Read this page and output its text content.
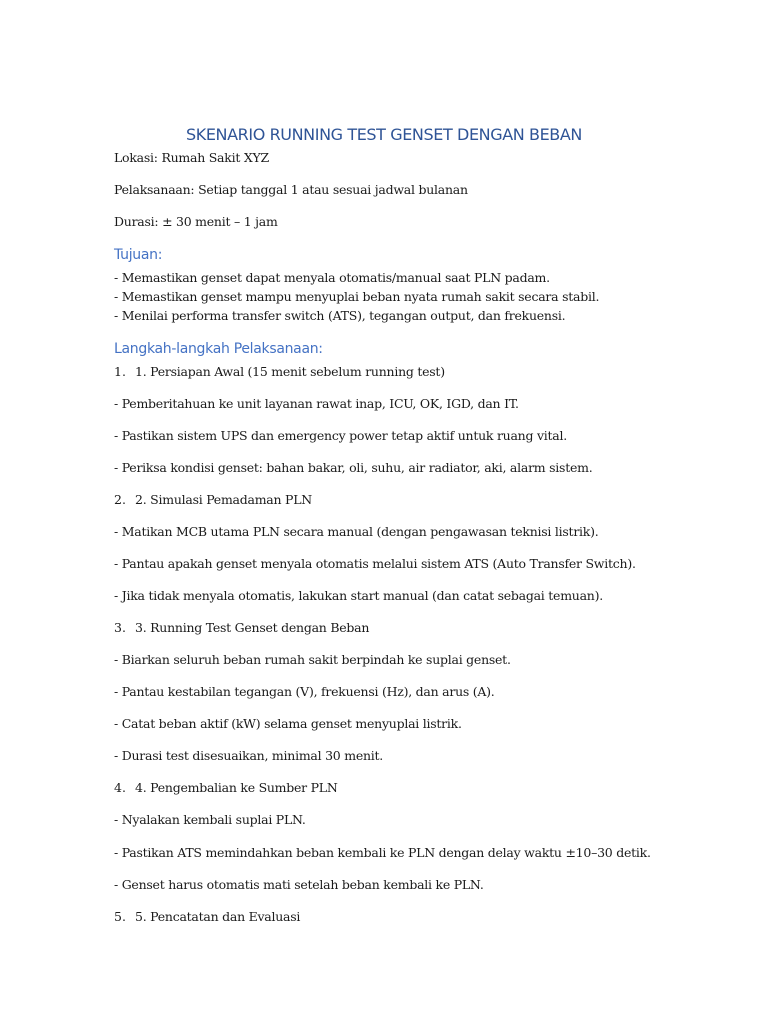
SKENARIO RUNNING TEST GENSET DENGAN BEBAN
Lokasi: Rumah Sakit XYZ
Pelaksanaan: Setiap tanggal 1 atau sesuai jadwal bulanan
Durasi: ± 30 menit – 1 jam
Tujuan:
- Memastikan genset dapat menyala otomatis/manual saat PLN padam.
- Memastikan genset mampu menyuplai beban nyata rumah sakit secara stabil.
- Menilai performa transfer switch (ATS), tegangan output, dan frekuensi.
Langkah-langkah Pelaksanaan:
1. 1. Persiapan Awal (15 menit sebelum running test)
- Pemberitahuan ke unit layanan rawat inap, ICU, OK, IGD, dan IT.
- Pastikan sistem UPS dan emergency power tetap aktif untuk ruang vital.
- Periksa kondisi genset: bahan bakar, oli, suhu, air radiator, aki, alarm sistem.
2. 2. Simulasi Pemadaman PLN
- Matikan MCB utama PLN secara manual (dengan pengawasan teknisi listrik).
- Pantau apakah genset menyala otomatis melalui sistem ATS (Auto Transfer Switch).
- Jika tidak menyala otomatis, lakukan start manual (dan catat sebagai temuan).
3. 3. Running Test Genset dengan Beban
- Biarkan seluruh beban rumah sakit berpindah ke suplai genset.
- Pantau kestabilan tegangan (V), frekuensi (Hz), dan arus (A).
- Catat beban aktif (kW) selama genset menyuplai listrik.
- Durasi test disesuaikan, minimal 30 menit.
4. 4. Pengembalian ke Sumber PLN
- Nyalakan kembali suplai PLN.
- Pastikan ATS memindahkan beban kembali ke PLN dengan delay waktu ±10–30 detik.
- Genset harus otomatis mati setelah beban kembali ke PLN.
5. 5. Pencatatan dan Evaluasi
